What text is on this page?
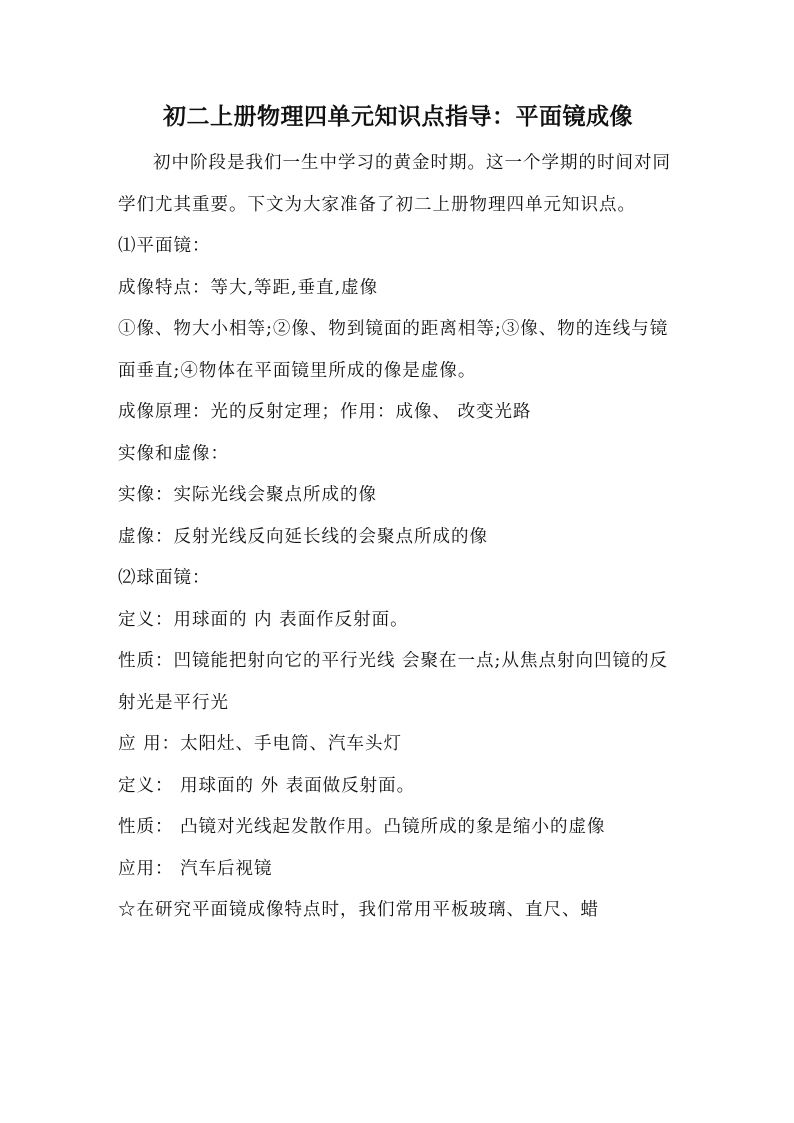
初二上册物理四单元知识点指导：平面镜成像

初中阶段是我们一生中学习的黄金时期。这一个学期的时间对同学们尤其重要。下文为大家准备了初二上册物理四单元知识点。

⑴平面镜：

成像特点：等大,等距,垂直,虚像

①像、物大小相等;②像、物到镜面的距离相等;③像、物的连线与镜面垂直;④物体在平面镜里所成的像是虚像。

成像原理：光的反射定理；作用：成像、 改变光路

实像和虚像：

实像：实际光线会聚点所成的像

虚像：反射光线反向延长线的会聚点所成的像

⑵球面镜：

定义：用球面的 内 表面作反射面。

性质：凹镜能把射向它的平行光线 会聚在一点;从焦点射向凹镜的反射光是平行光

应 用：太阳灶、手电筒、汽车头灯

定义： 用球面的 外 表面做反射面。

性质： 凸镜对光线起发散作用。凸镜所成的象是缩小的虚像

应用： 汽车后视镜

☆在研究平面镜成像特点时，我们常用平板玻璃、直尺、蜡
